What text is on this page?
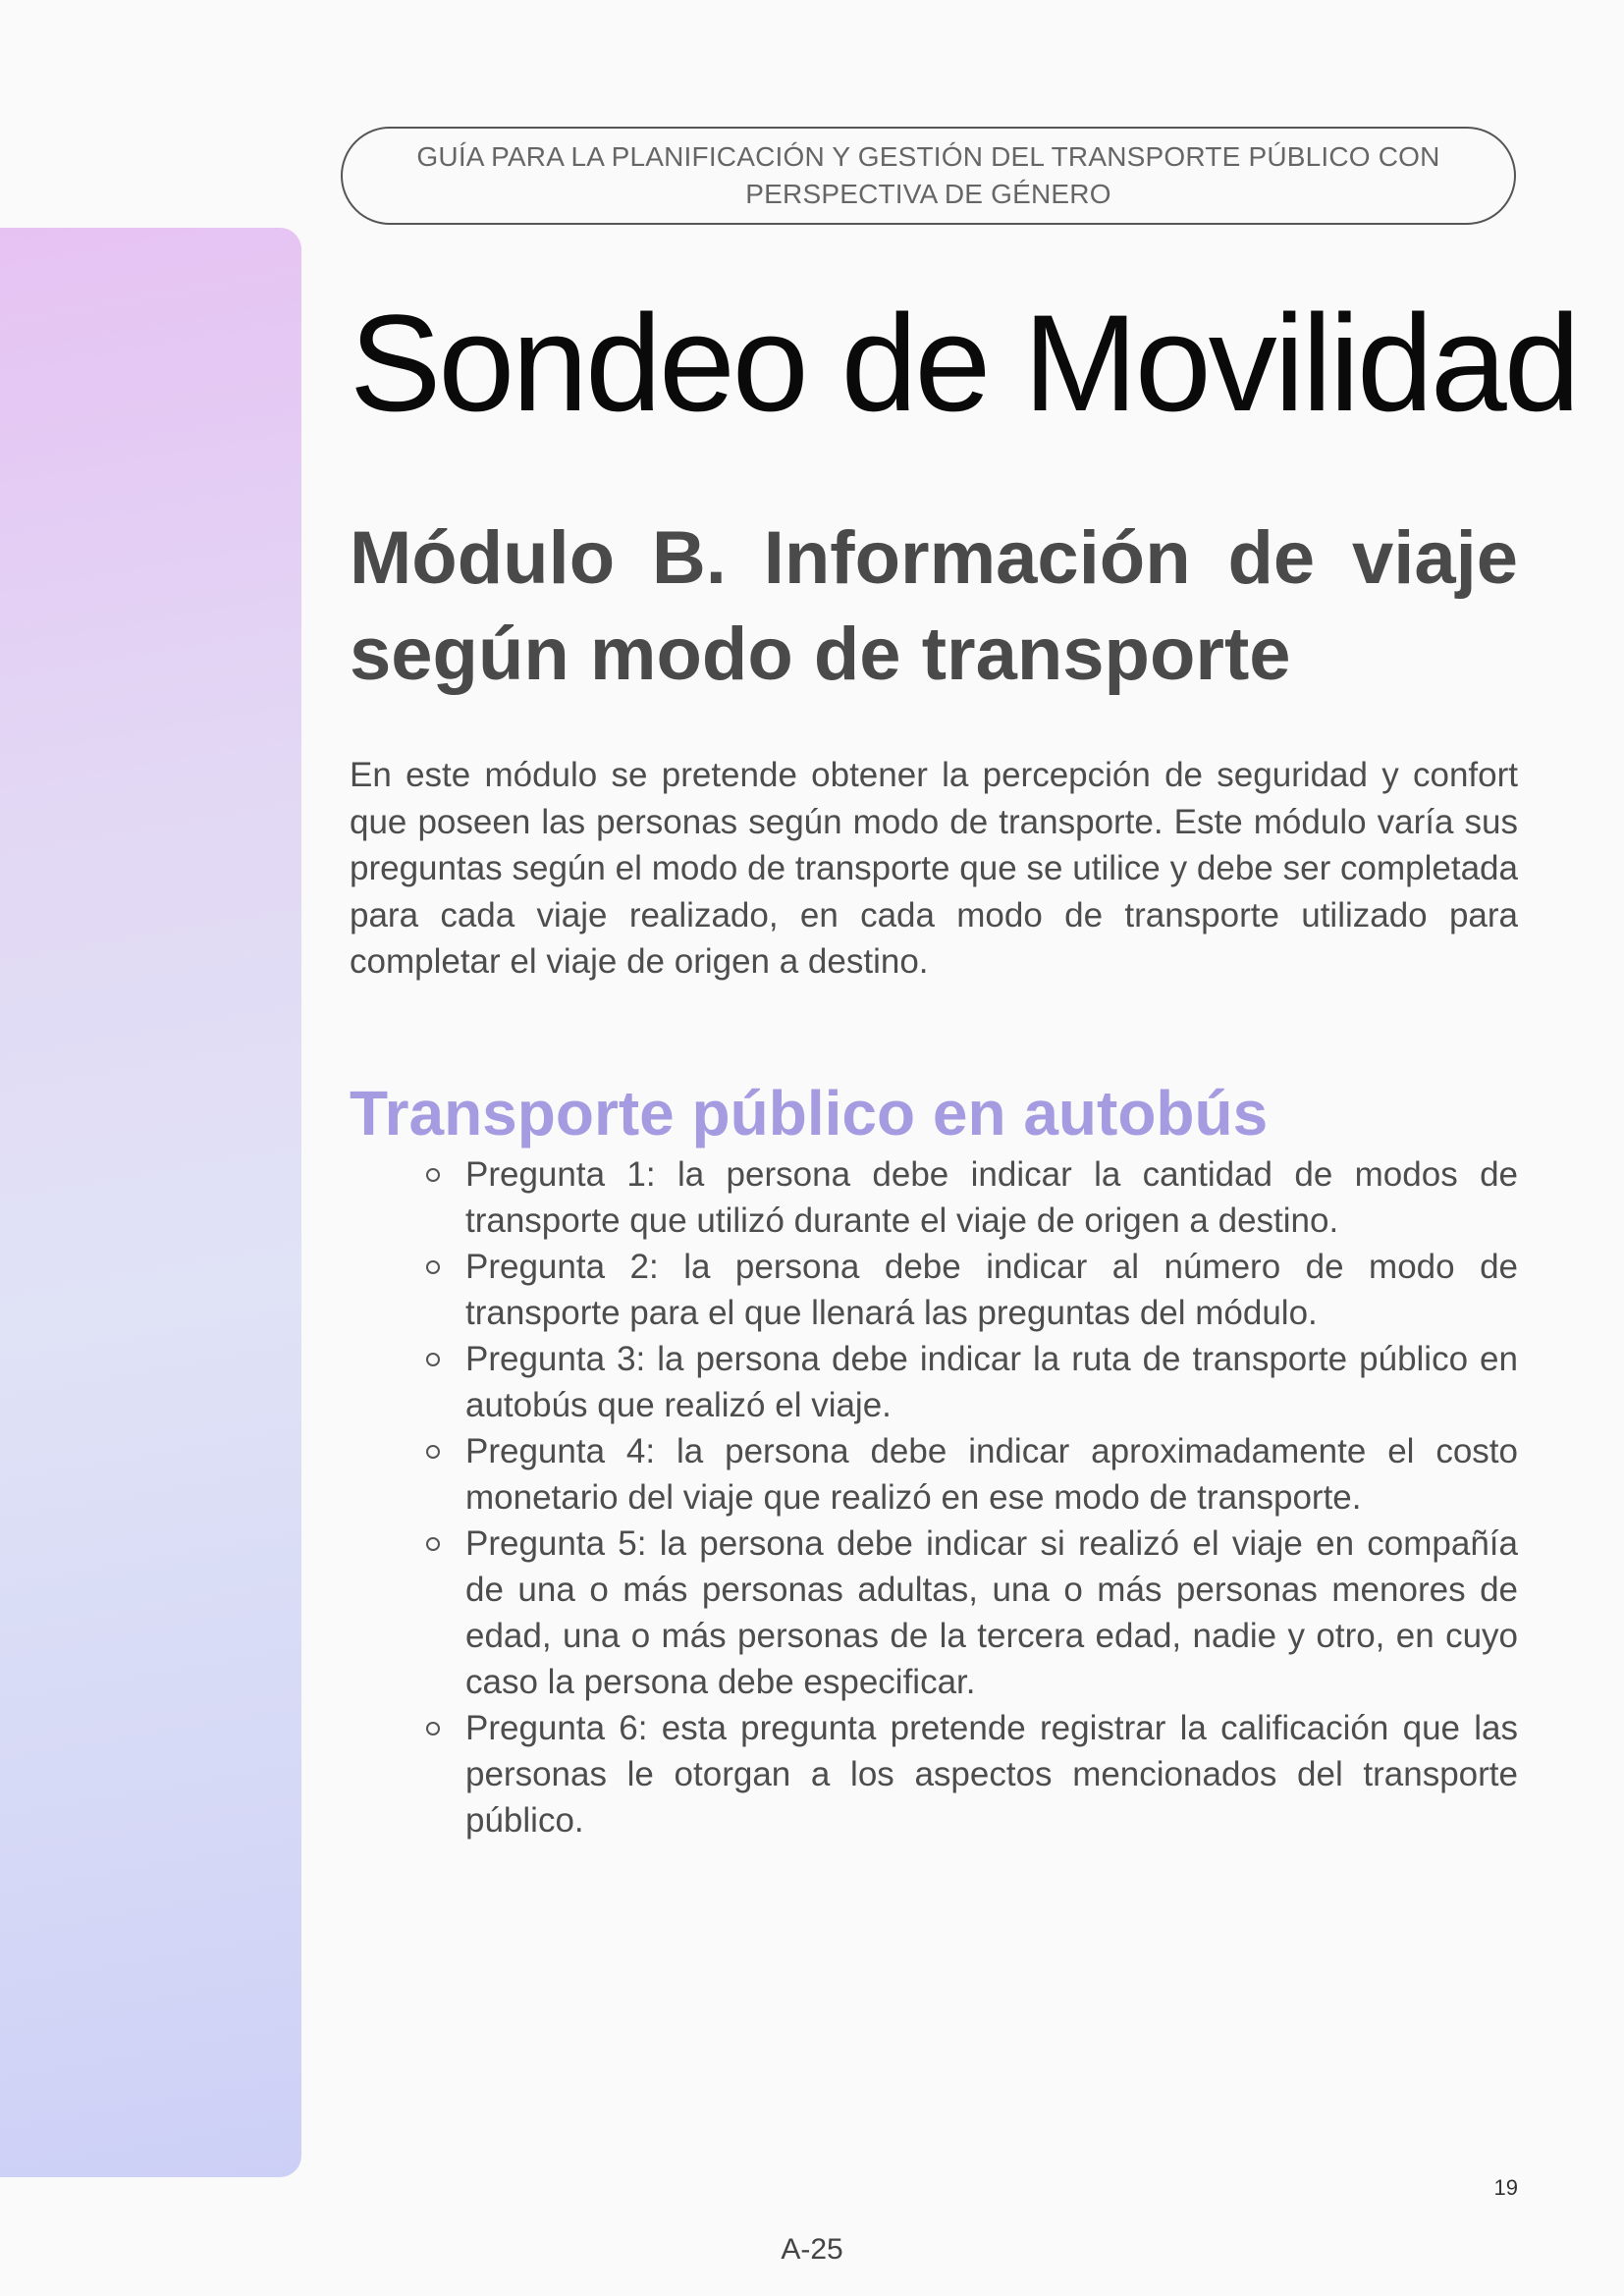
GUÍA PARA LA PLANIFICACIÓN Y GESTIÓN DEL TRANSPORTE PÚBLICO CON PERSPECTIVA DE GÉNERO
Sondeo de Movilidad
Módulo B. Información de viaje según modo de transporte

En este módulo se pretende obtener la percepción de seguridad y confort que poseen las personas según modo de transporte. Este módulo varía sus preguntas según el modo de transporte que se utilice y debe ser completada para cada viaje realizado, en cada modo de transporte utilizado para completar el viaje de origen a destino.

Transporte público en autobús
Pregunta 1: la persona debe indicar la cantidad de modos de transporte que utilizó durante el viaje de origen a destino.
Pregunta 2: la persona debe indicar al número de modo de transporte para el que llenará las preguntas del módulo.
Pregunta 3: la persona debe indicar la ruta de transporte público en autobús que realizó el viaje.
Pregunta 4: la persona debe indicar aproximadamente el costo monetario del viaje que realizó en ese modo de transporte.
Pregunta 5: la persona debe indicar si realizó el viaje en compañía de una o más personas adultas, una o más personas menores de edad, una o más personas de la tercera edad, nadie y otro, en cuyo caso la persona debe especificar.
Pregunta 6: esta pregunta pretende registrar la calificación que las personas le otorgan a los aspectos mencionados del transporte público.
19
A-25
